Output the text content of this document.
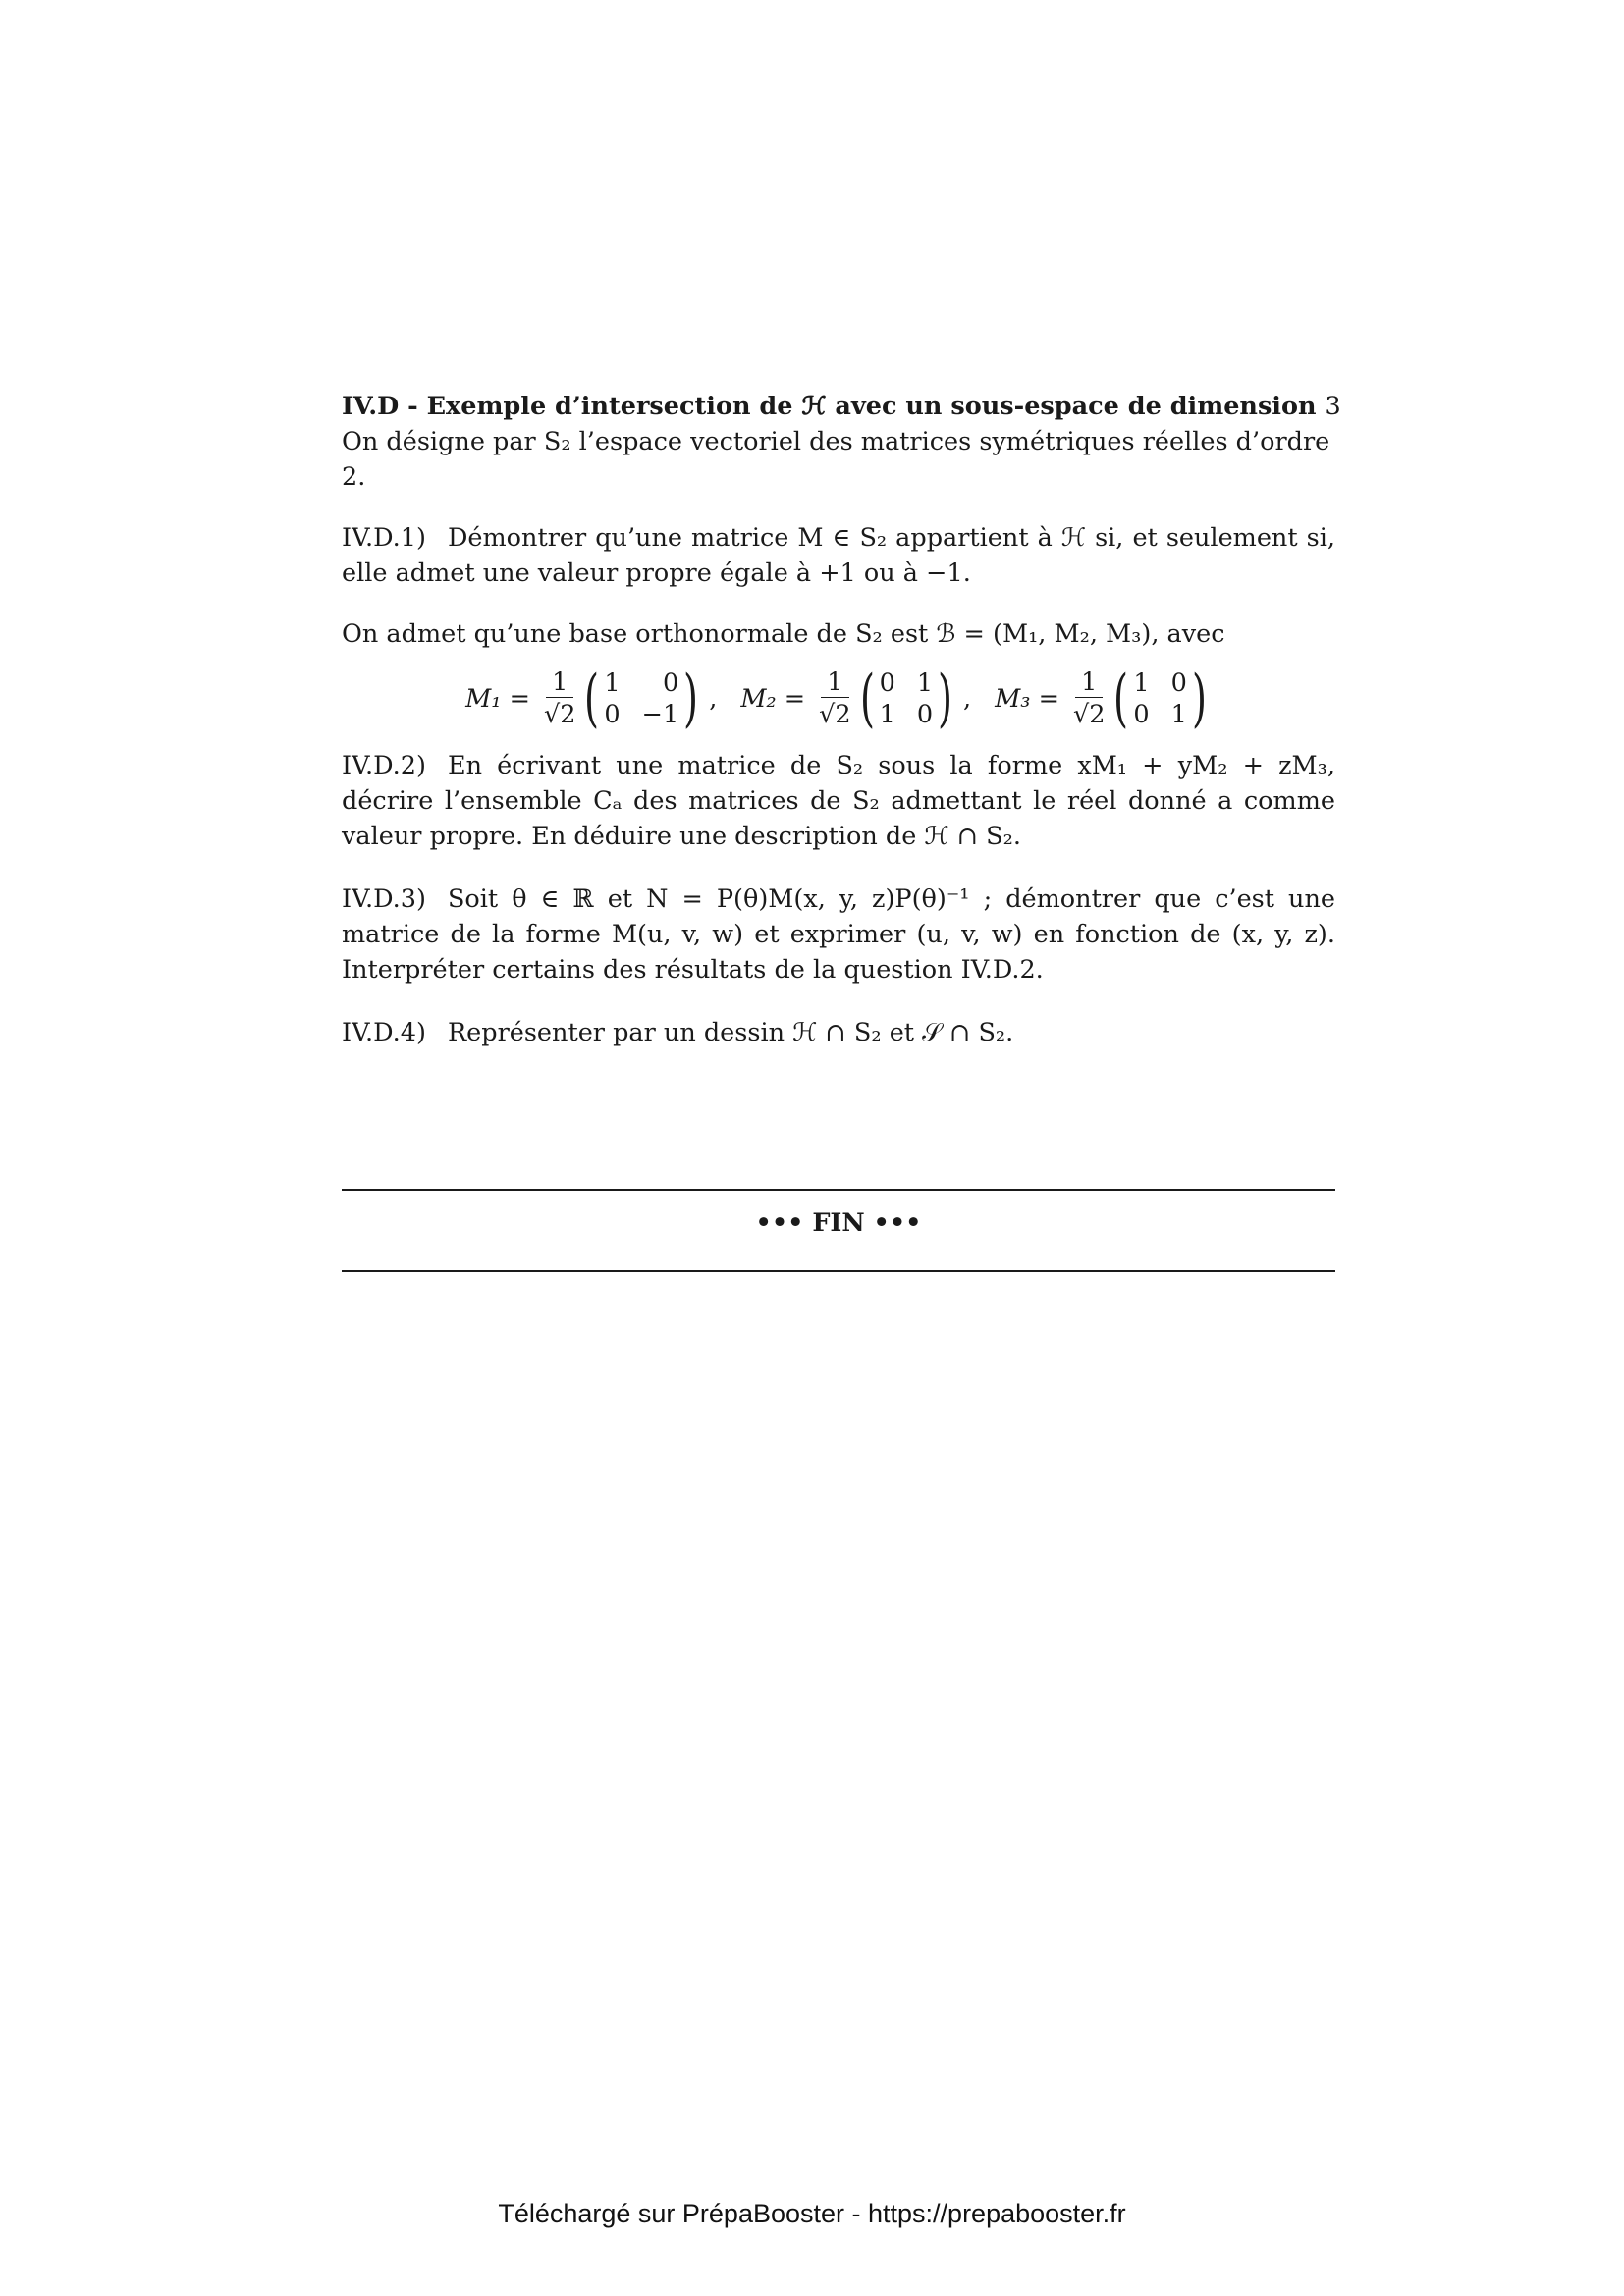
IV.D - Exemple d’intersection de ℋ avec un sous-espace de dimension 3

On désigne par S₂ l’espace vectoriel des matrices symétriques réelles d’ordre 2.

IV.D.1) Démontrer qu’une matrice M ∈ S₂ appartient à ℋ si, et seulement si, elle admet une valeur propre égale à +1 ou à −1.

On admet qu’une base orthonormale de S₂ est ℬ = (M₁, M₂, M₃), avec

$M_1 = \frac{1}{√2}$ ( 1	0
0 −1 ) , $M_2 = \frac{1}{√2}$ ( 0 1
1 0 ) , $M_3 = \frac{1}{√2}$ ( 1 0
0 1 )

IV.D.2) En écrivant une matrice de S₂ sous la forme xM₁ + yM₂ + zM₃, décrire l’ensemble Cₐ des matrices de S₂ admettant le réel donné a comme valeur propre. En déduire une description de ℋ ∩ S₂.

IV.D.3) Soit θ ∈ ℝ et N = P(θ)M(x, y, z)P(θ)⁻¹ ; démontrer que c’est une matrice de la forme M(u, v, w) et exprimer (u, v, w) en fonction de (x, y, z). Interpréter certains des résultats de la question IV.D.2.

IV.D.4) Représenter par un dessin ℋ ∩ S₂ et 𝒮 ∩ S₂.

••• FIN •••
Téléchargé sur PrépaBooster - https://prepabooster.fr
